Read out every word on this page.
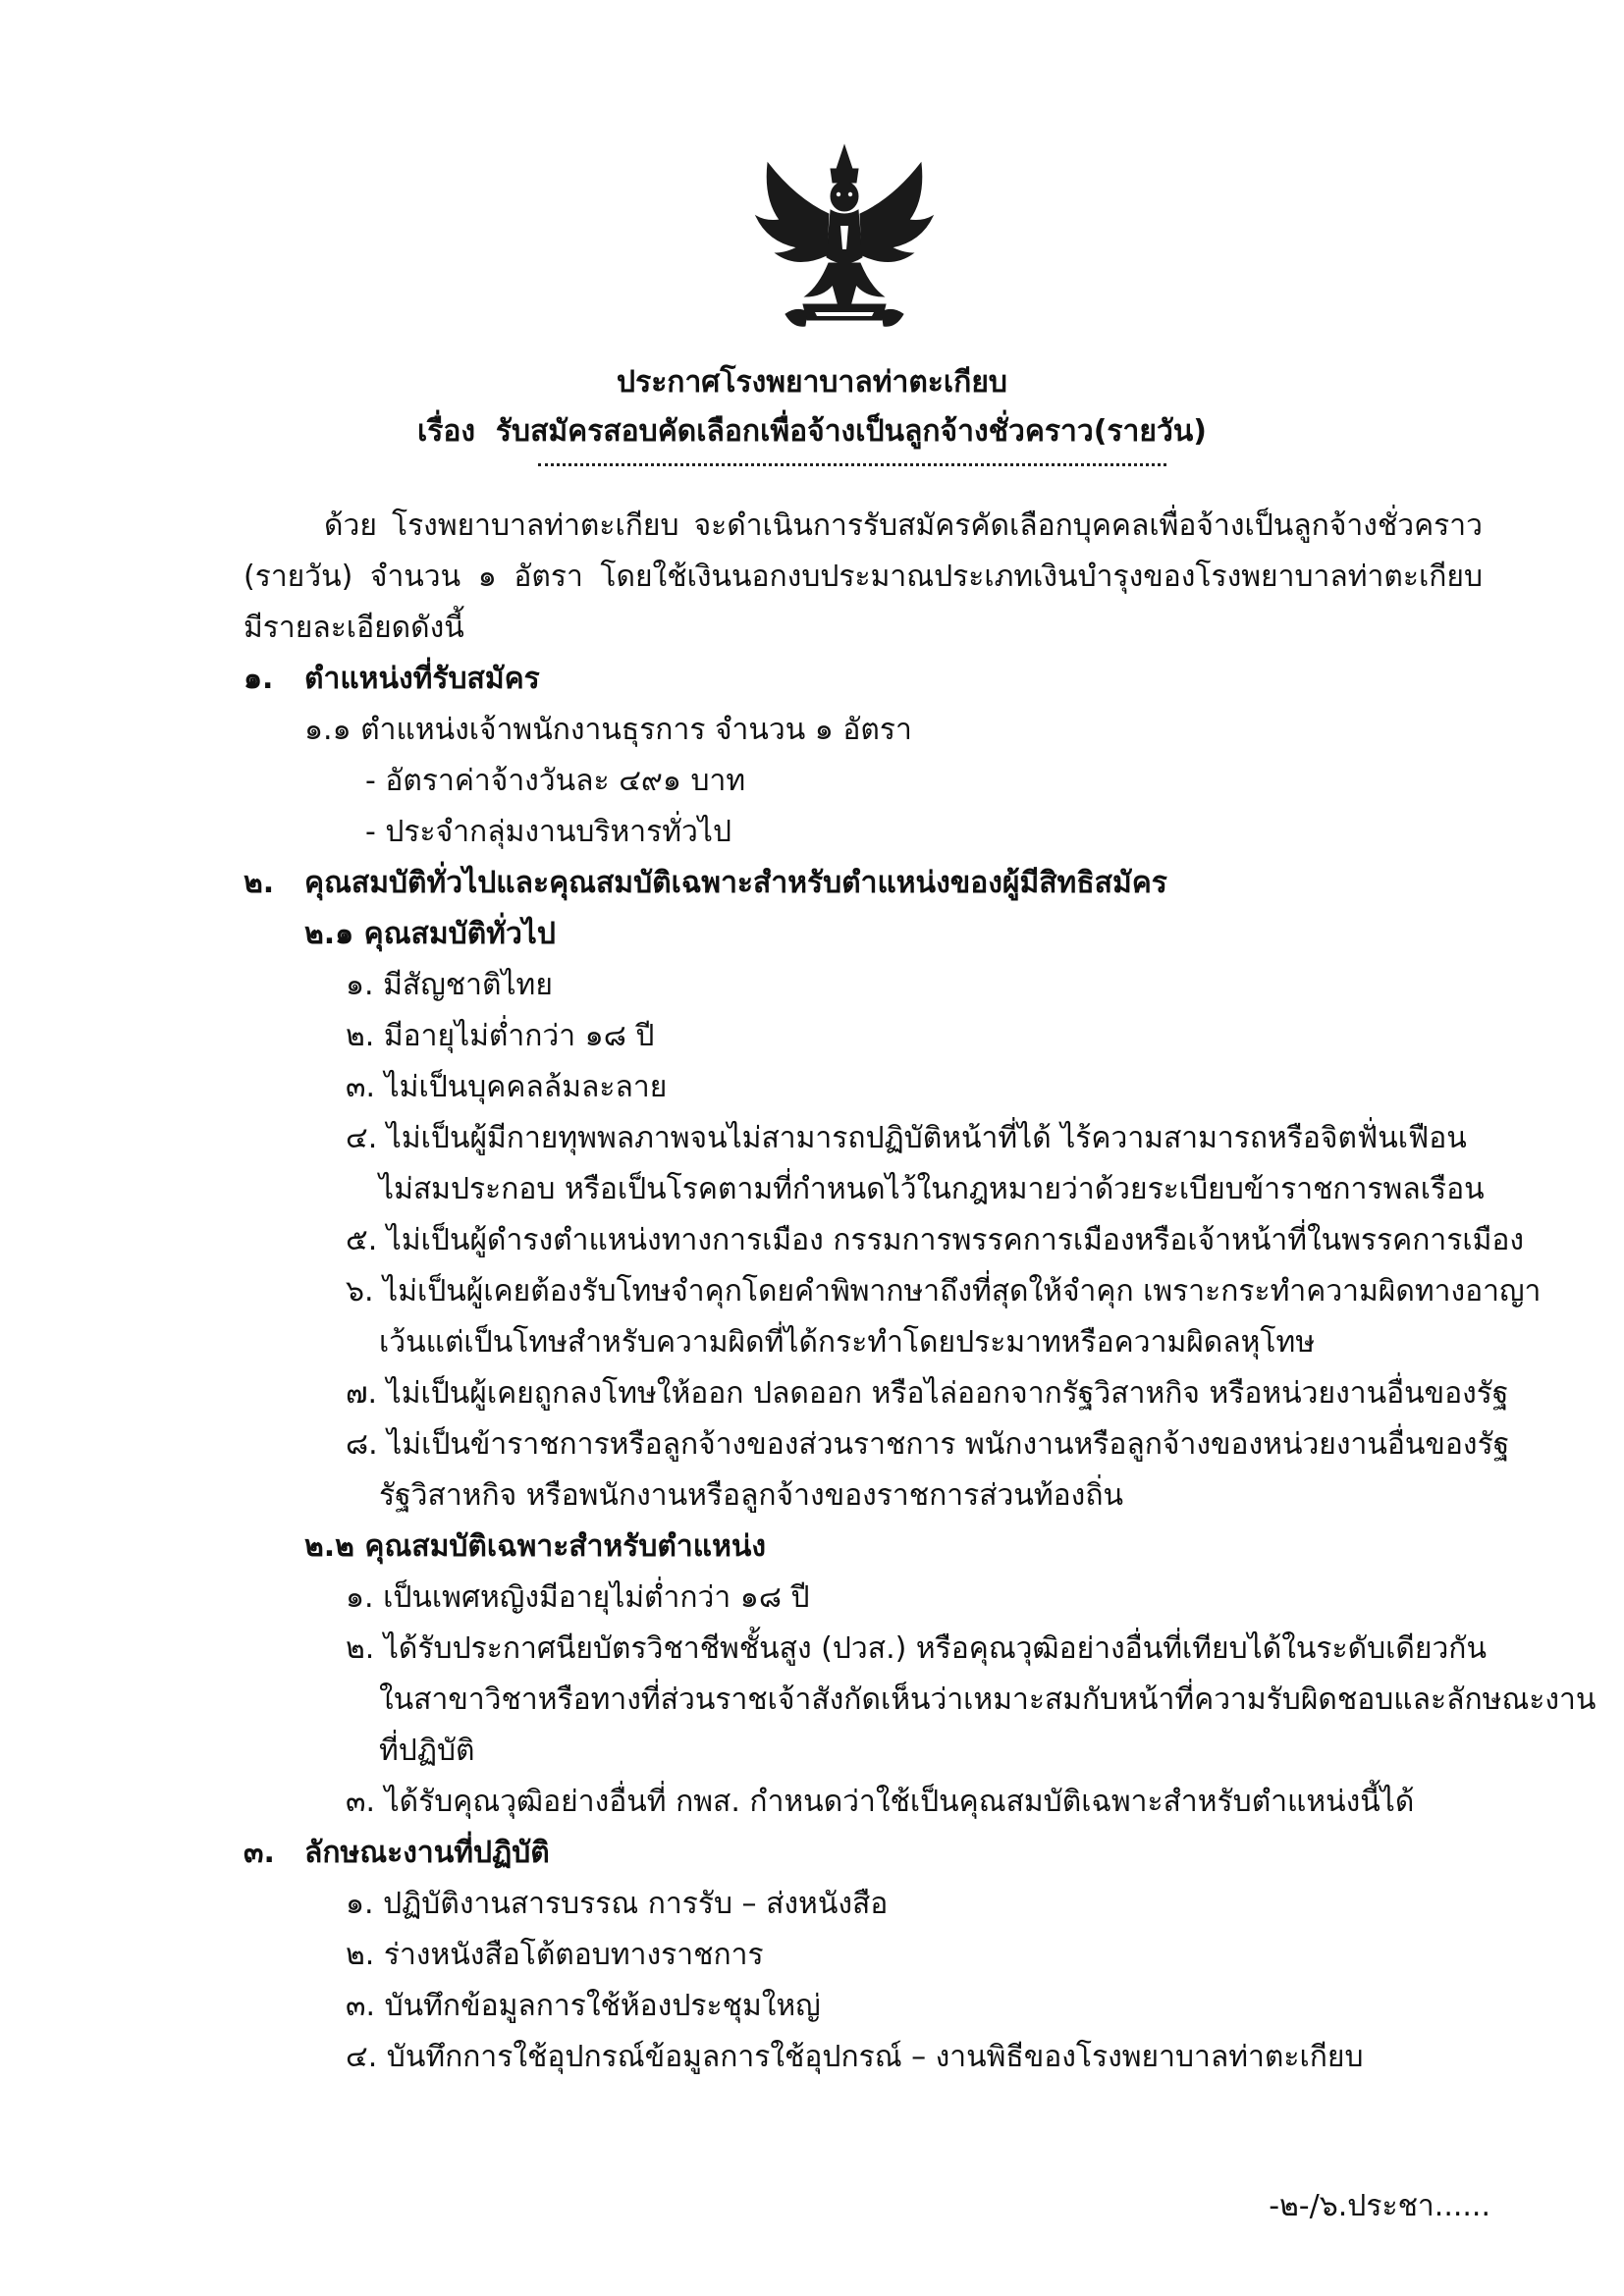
ประกาศโรงพยาบาลท่าตะเกียบ
เรื่อง รับสมัครสอบคัดเลือกเพื่อจ้างเป็นลูกจ้างชั่วคราว(รายวัน)
ด้วย โรงพยาบาลท่าตะเกียบ จะดำเนินการรับสมัครคัดเลือกบุคคลเพื่อจ้างเป็นลูกจ้างชั่วคราว
(รายวัน) จำนวน ๑ อัตรา โดยใช้เงินนอกงบประมาณประเภทเงินบำรุงของโรงพยาบาลท่าตะเกียบ
มีรายละเอียดดังนี้
๑. ตำแหน่งที่รับสมัคร
๑.๑ ตำแหน่งเจ้าพนักงานธุรการ จำนวน ๑ อัตรา
- อัตราค่าจ้างวันละ ๔๙๑ บาท
- ประจำกลุ่มงานบริหารทั่วไป
๒. คุณสมบัติทั่วไปและคุณสมบัติเฉพาะสำหรับตำแหน่งของผู้มีสิทธิสมัคร
๒.๑ คุณสมบัติทั่วไป
๑. มีสัญชาติไทย
๒. มีอายุไม่ต่ำกว่า ๑๘ ปี
๓. ไม่เป็นบุคคลล้มละลาย
๔. ไม่เป็นผู้มีกายทุพพลภาพจนไม่สามารถปฏิบัติหน้าที่ได้ ไร้ความสามารถหรือจิตฟั่นเฟือน
ไม่สมประกอบ หรือเป็นโรคตามที่กำหนดไว้ในกฎหมายว่าด้วยระเบียบข้าราชการพลเรือน
๕. ไม่เป็นผู้ดำรงตำแหน่งทางการเมือง กรรมการพรรคการเมืองหรือเจ้าหน้าที่ในพรรคการเมือง
๖. ไม่เป็นผู้เคยต้องรับโทษจำคุกโดยคำพิพากษาถึงที่สุดให้จำคุก เพราะกระทำความผิดทางอาญา
เว้นแต่เป็นโทษสำหรับความผิดที่ได้กระทำโดยประมาทหรือความผิดลหุโทษ
๗. ไม่เป็นผู้เคยถูกลงโทษให้ออก ปลดออก หรือไล่ออกจากรัฐวิสาหกิจ หรือหน่วยงานอื่นของรัฐ
๘. ไม่เป็นข้าราชการหรือลูกจ้างของส่วนราชการ พนักงานหรือลูกจ้างของหน่วยงานอื่นของรัฐ
รัฐวิสาหกิจ หรือพนักงานหรือลูกจ้างของราชการส่วนท้องถิ่น
๒.๒ คุณสมบัติเฉพาะสำหรับตำแหน่ง
๑. เป็นเพศหญิงมีอายุไม่ต่ำกว่า ๑๘ ปี
๒. ได้รับประกาศนียบัตรวิชาชีพชั้นสูง (ปวส.) หรือคุณวุฒิอย่างอื่นที่เทียบได้ในระดับเดียวกัน
ในสาขาวิชาหรือทางที่ส่วนราชเจ้าสังกัดเห็นว่าเหมาะสมกับหน้าที่ความรับผิดชอบและลักษณะงาน
ที่ปฏิบัติ
๓. ได้รับคุณวุฒิอย่างอื่นที่ กพส. กำหนดว่าใช้เป็นคุณสมบัติเฉพาะสำหรับตำแหน่งนี้ได้
๓. ลักษณะงานที่ปฏิบัติ
๑. ปฏิบัติงานสารบรรณ การรับ – ส่งหนังสือ
๒. ร่างหนังสือโต้ตอบทางราชการ
๓. บันทึกข้อมูลการใช้ห้องประชุมใหญ่
๔. บันทึกการใช้อุปกรณ์ข้อมูลการใช้อุปกรณ์ – งานพิธีของโรงพยาบาลท่าตะเกียบ
-๒-/๖.ประชา......
